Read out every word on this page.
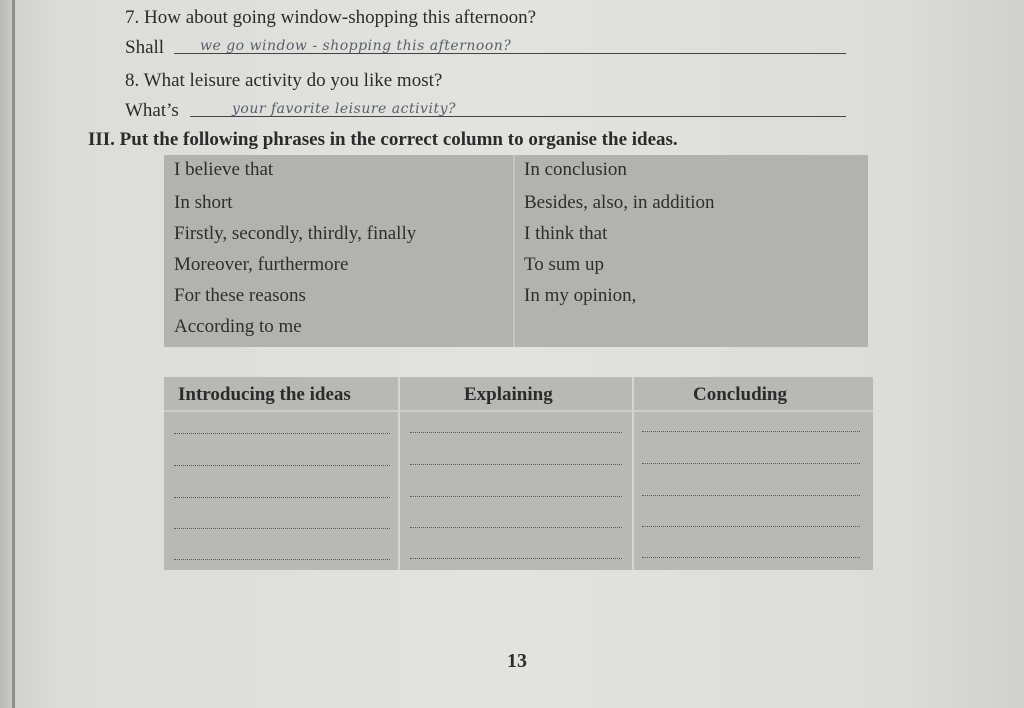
7. How about going window-shopping this afternoon?
Shall	we go window - shopping this afternoon?
8. What leisure activity do you like most?
What’s	your favorite leisure activity?
III. Put the following phrases in the correct column to organise the ideas.
I believe that	In conclusion
In short	Besides, also, in addition
Firstly, secondly, thirdly, finally	I think that
Moreover, furthermore	To sum up
For these reasons	In my opinion,
According to me
Introducing the ideas	Explaining	Concluding
13
